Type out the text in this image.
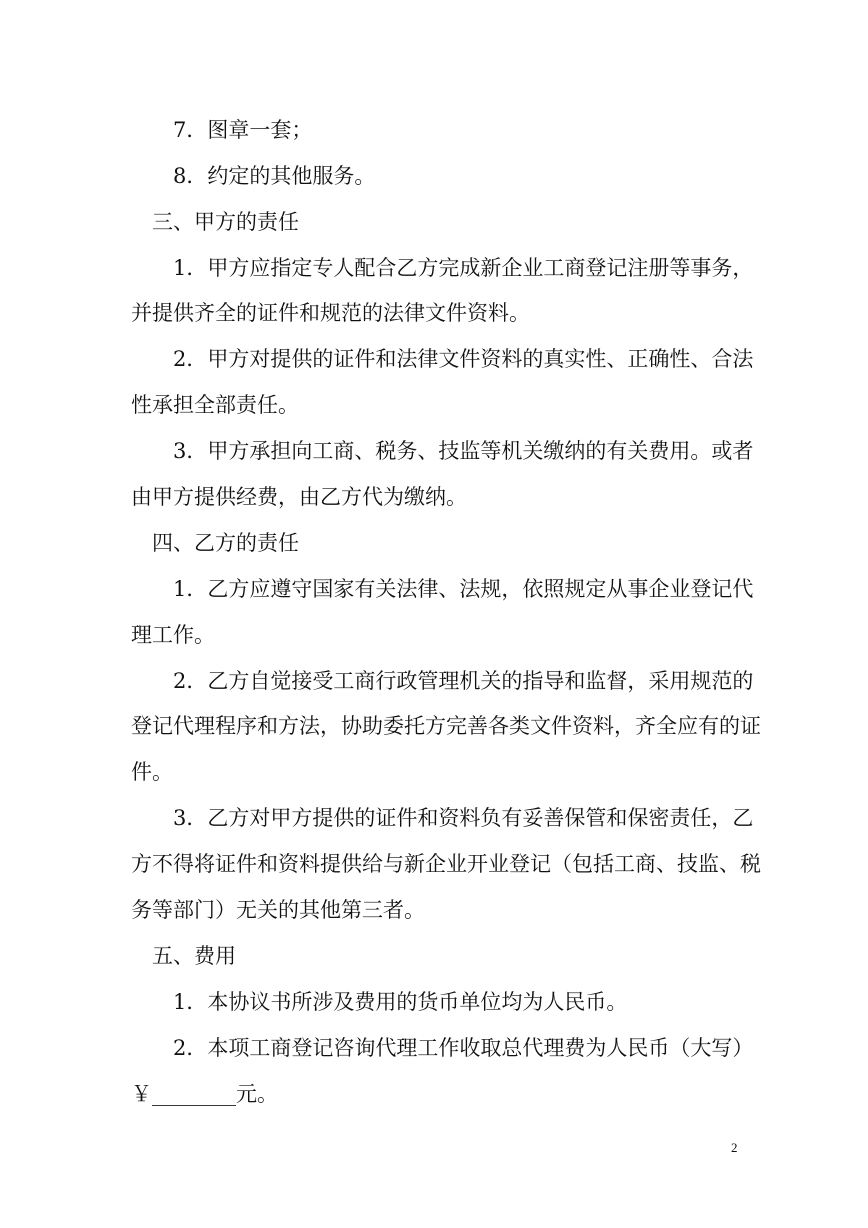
7．图章一套；
8．约定的其他服务。
三、甲方的责任
1．甲方应指定专人配合乙方完成新企业工商登记注册等事务，
并提供齐全的证件和规范的法律文件资料。
2．甲方对提供的证件和法律文件资料的真实性、正确性、合法
性承担全部责任。
3．甲方承担向工商、税务、技监等机关缴纳的有关费用。或者
由甲方提供经费，由乙方代为缴纳。
四、乙方的责任
1．乙方应遵守国家有关法律、法规，依照规定从事企业登记代
理工作。
2．乙方自觉接受工商行政管理机关的指导和监督，采用规范的
登记代理程序和方法，协助委托方完善各类文件资料，齐全应有的证
件。
3．乙方对甲方提供的证件和资料负有妥善保管和保密责任，乙
方不得将证件和资料提供给与新企业开业登记（包括工商、技监、税
务等部门）无关的其他第三者。
五、费用
1．本协议书所涉及费用的货币单位均为人民币。
2．本项工商登记咨询代理工作收取总代理费为人民币（大写）
￥________元。
2
